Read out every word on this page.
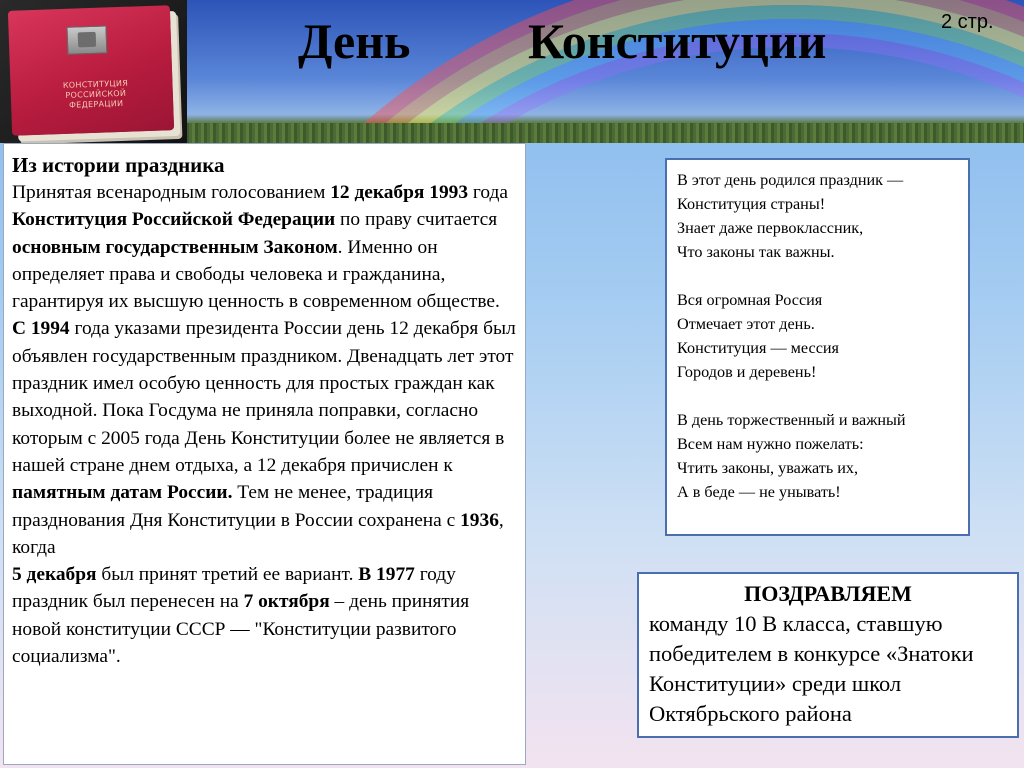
КОНСТИТУЦИЯ
РОССИЙСКОЙ ФЕДЕРАЦИИ
День Конституции	2 стр.
Из истории праздника

Принятая всенародным голосованием 12 декабря 1993 года Конституция Российской Федерации по праву считается основным государственным Законом. Именно он определяет права и свободы человека и гражданина, гарантируя их высшую ценность в современном обществе.

С 1994 года указами президента России день 12 декабря был объявлен государственным праздником. Двенадцать лет этот праздник имел особую ценность для простых граждан как выходной. Пока Госдума не приняла поправки, согласно которым с 2005 года День Конституции более не является в нашей стране днем отдыха, а 12 декабря причислен к памятным датам России. Тем не менее, традиция празднования Дня Конституции в России сохранена с 1936, когда

5 декабря был принят третий ее вариант. В 1977 году праздник был перенесен на 7 октября – день принятия новой конституции СССР — "Конституции развитого социализма".

В этот день родился праздник —
Конституция страны!
Знает даже первоклассник,
Что законы так важны.
Вся огромная Россия
Отмечает этот день.
Конституция — мессия
Городов и деревень!
В день торжественный и важный
Всем нам нужно пожелать:
Чтить законы, уважать их,
А в беде — не унывать!
ПОЗДРАВЛЯЕМ
команду 10 В класса, ставшую победителем в конкурсе «Знатоки Конституции» среди школ Октябрьского района
